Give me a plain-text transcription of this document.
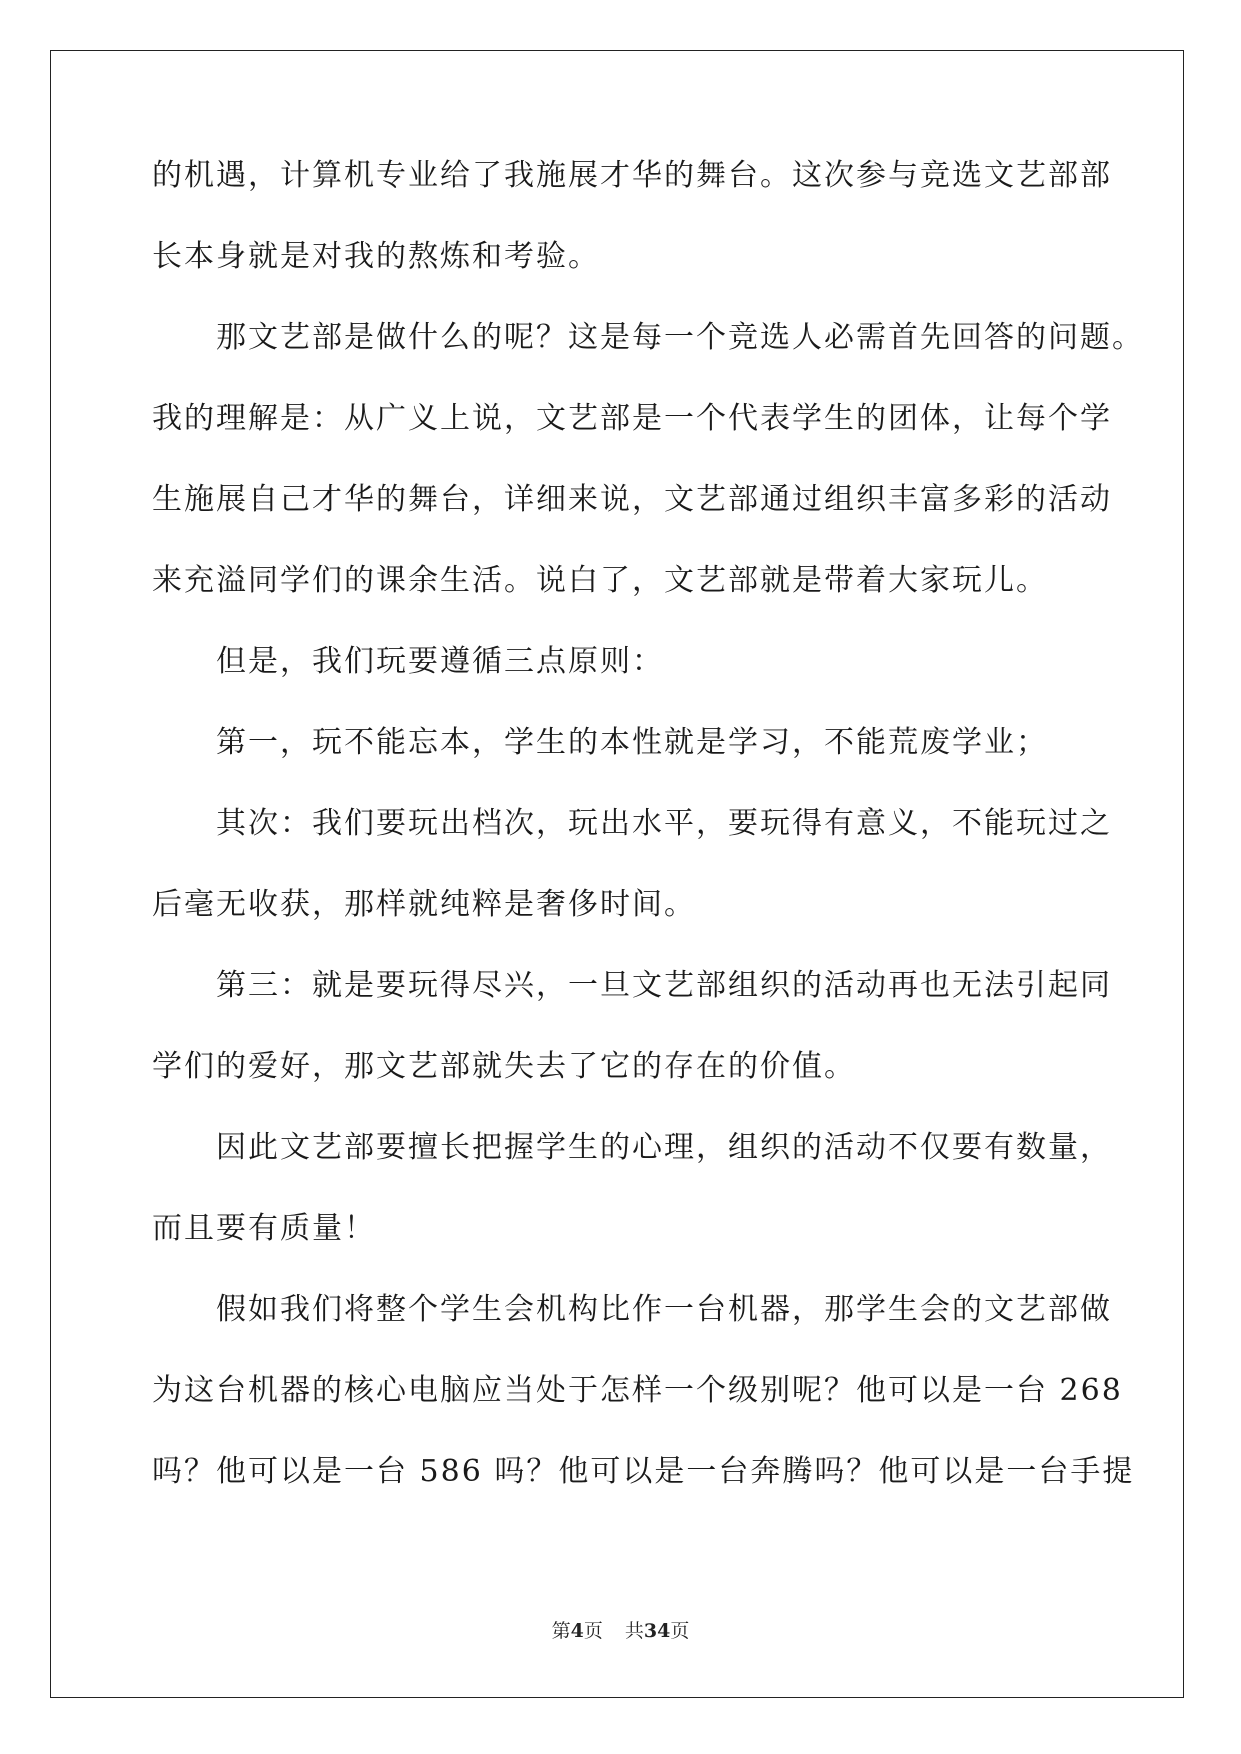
的机遇，计算机专业给了我施展才华的舞台。这次参与竞选文艺部部
长本身就是对我的熬炼和考验。
那文艺部是做什么的呢？这是每一个竞选人必需首先回答的问题。
我的理解是：从广义上说，文艺部是一个代表学生的团体，让每个学
生施展自己才华的舞台，详细来说，文艺部通过组织丰富多彩的活动
来充溢同学们的课余生活。说白了，文艺部就是带着大家玩儿。
但是，我们玩要遵循三点原则：
第一，玩不能忘本，学生的本性就是学习，不能荒废学业；
其次：我们要玩出档次，玩出水平，要玩得有意义，不能玩过之
后毫无收获，那样就纯粹是奢侈时间。
第三：就是要玩得尽兴，一旦文艺部组织的活动再也无法引起同
学们的爱好，那文艺部就失去了它的存在的价值。
因此文艺部要擅长把握学生的心理，组织的活动不仅要有数量，
而且要有质量！
假如我们将整个学生会机构比作一台机器，那学生会的文艺部做
为这台机器的核心电脑应当处于怎样一个级别呢？他可以是一台 268
吗？他可以是一台 586 吗？他可以是一台奔腾吗？他可以是一台手提
第4页 共34页
